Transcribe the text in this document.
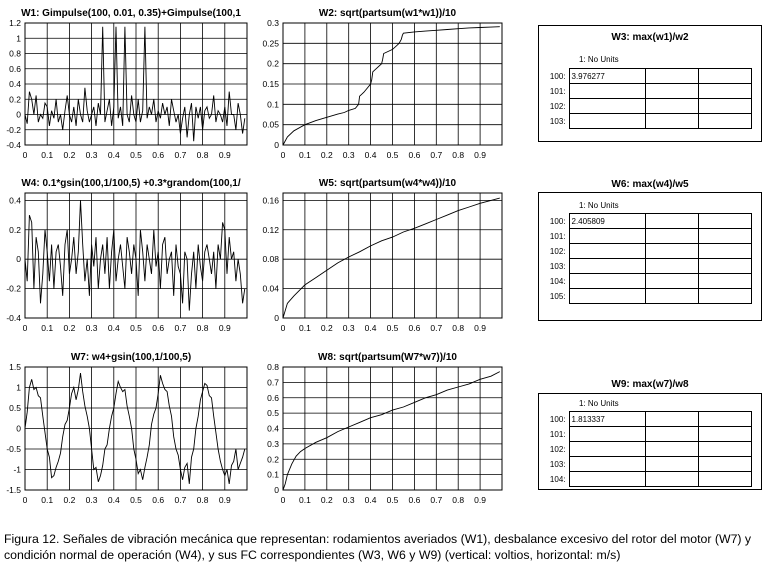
W1: Gimpulse(100, 0.01, 0.35)+Gimpulse(100,1
0 0.1 0.2 0.3 0.4 0.5 0.6 0.7 0.8 0.9
-0.4
-0.2
0
0.2
0.4
0.6
0.8
1
1.2
W2: sqrt(partsum(w1*w1))/10
0 0.1 0.2 0.3 0.4 0.5 0.6 0.7 0.8 0.9
0
0.05
0.1
0.15
0.2
0.25
0.3
W4: 0.1*gsin(100,1/100,5) +0.3*grandom(100,1/
0 0.1 0.2 0.3 0.4 0.5 0.6 0.7 0.8 0.9
-0.4
-0.2
0
0.2
0.4
W5: sqrt(partsum(w4*w4))/10
0 0.1 0.2 0.3 0.4 0.5 0.6 0.7 0.8 0.9
0
0.04
0.08
0.12
0.16
W7: w4+gsin(100,1/100,5)
0 0.1 0.2 0.3 0.4 0.5 0.6 0.7 0.8 0.9
-1.5
-1
-0.5
0
0.5
1
1.5
W8: sqrt(partsum(W7*w7))/10
0 0.1 0.2 0.3 0.4 0.5 0.6 0.7 0.8 0.9
0
0.1
0.2
0.3
0.4
0.5
0.6
0.7
0.8
W3: max(w1)/w2
1: No Units
100:	3.976277		
101:			
102:			
103:			
W6: max(w4)/w5
1: No Units
100:	2.405809		
101:			
102:			
103:			
104:			
105:			
W9: max(w7)/w8
1: No Units
100:	1.813337		
101:			
102:			
103:			
104:			
Figura 12. Señales de vibración mecánica que representan: rodamientos averiados (W1), desbalance excesivo del rotor del motor (W7) y condición normal de operación (W4), y sus FC correspondientes (W3, W6 y W9) (vertical: voltios, horizontal: m/s)
